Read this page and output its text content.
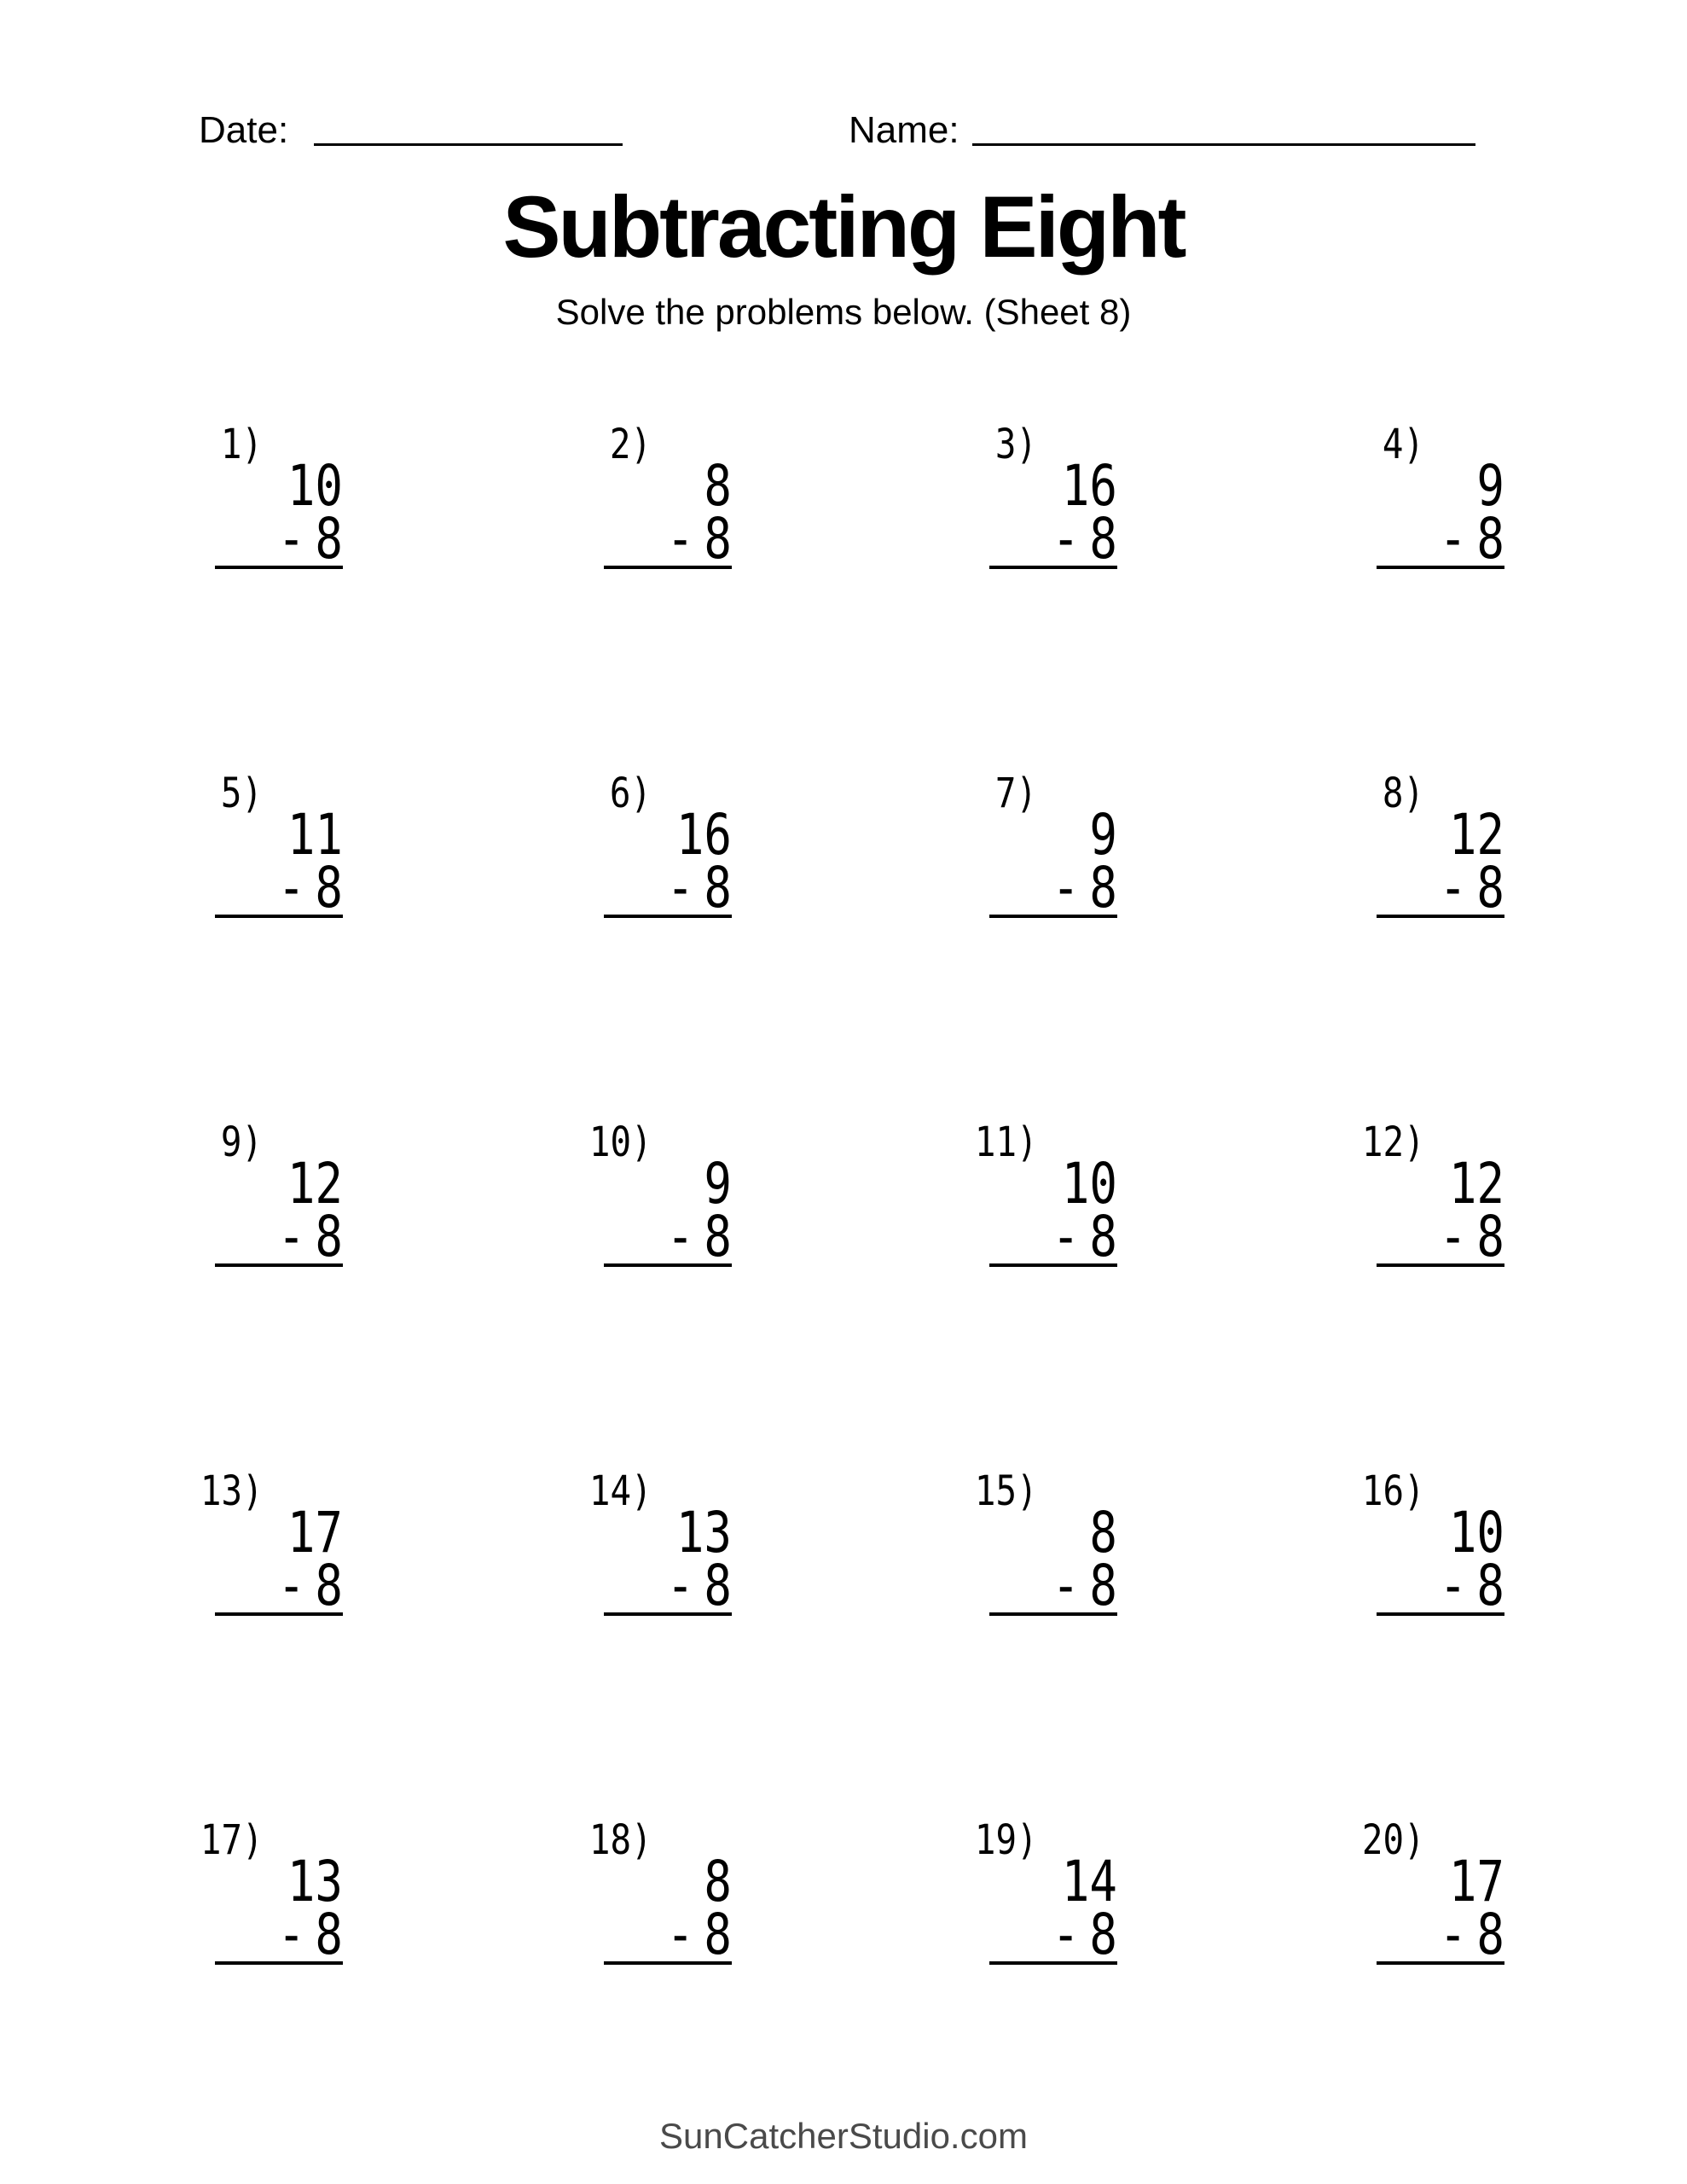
Date:	Name:
Subtracting Eight
Solve the problems below. (Sheet 8)
1)
10
- 8
2)
8
- 8
3)
16
- 8
4)
9
- 8
5)
11
- 8
6)
16
- 8
7)
9
- 8
8)
12
- 8
9)
12
- 8
10)
9
- 8
11)
10
- 8
12)
12
- 8
13)
17
- 8
14)
13
- 8
15)
8
- 8
16)
10
- 8
17)
13
- 8
18)
8
- 8
19)
14
- 8
20)
17
- 8
SunCatcherStudio.com
